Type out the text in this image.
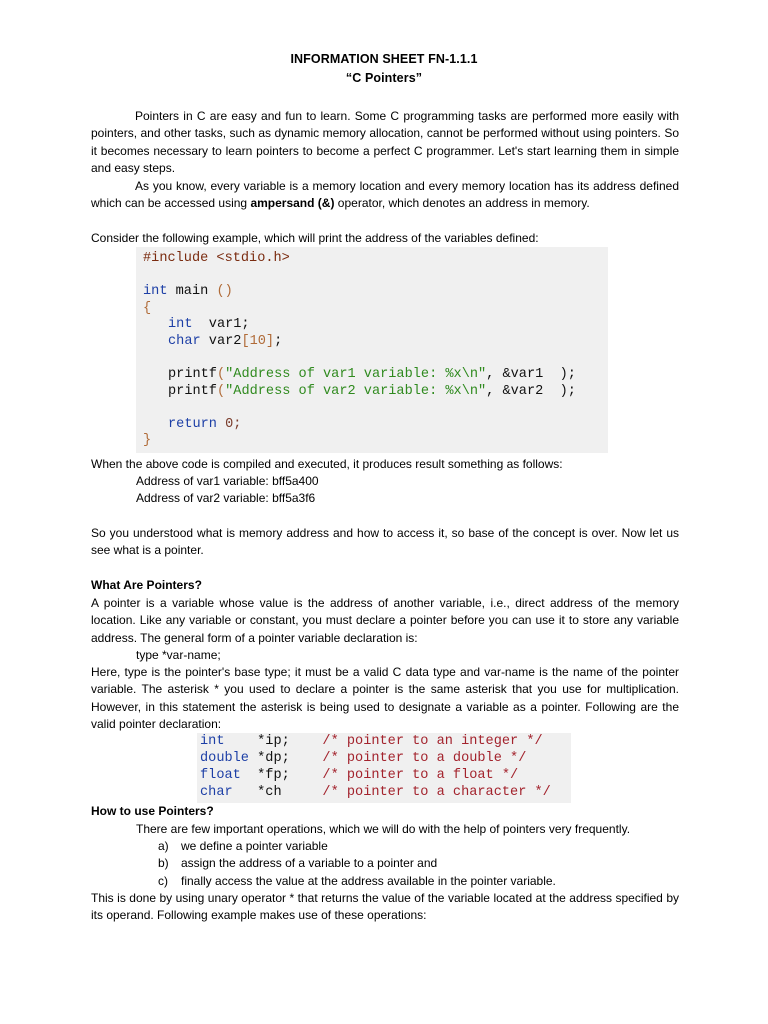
INFORMATION SHEET FN-1.1.1
“C Pointers”

Pointers in C are easy and fun to learn. Some C programming tasks are performed more easily with pointers, and other tasks, such as dynamic memory allocation, cannot be performed without using pointers. So it becomes necessary to learn pointers to become a perfect C programmer. Let's start learning them in simple and easy steps.

As you know, every variable is a memory location and every memory location has its address defined which can be accessed using ampersand (&) operator, which denotes an address in memory.

Consider the following example, which will print the address of the variables defined:
#include <stdio.h>
int main ()
{
int  var1;
char var2[10];
printf("Address of var1 variable: %x\n", &var1  );
printf("Address of var2 variable: %x\n", &var2  );
return 0;
}
When the above code is compiled and executed, it produces result something as follows:
Address of var1 variable: bff5a400
Address of var2 variable: bff5a3f6

So you understood what is memory address and how to access it, so base of the concept is over. Now let us see what is a pointer.

What Are Pointers?

A pointer is a variable whose value is the address of another variable, i.e., direct address of the memory location. Like any variable or constant, you must declare a pointer before you can use it to store any variable address. The general form of a pointer variable declaration is:

type *var-name;

Here, type is the pointer's base type; it must be a valid C data type and var-name is the name of the pointer variable. The asterisk * you used to declare a pointer is the same asterisk that you use for multiplication. However, in this statement the asterisk is being used to designate a variable as a pointer. Following are the valid pointer declaration:

int *ip; /* pointer to an integer */
double *dp; /* pointer to a double */
float *fp; /* pointer to a float */
char *ch	/* pointer to a character */
How to use Pointers?
There are few important operations, which we will do with the help of pointers very frequently.
a) we define a pointer variable
b) assign the address of a variable to a pointer and
c) finally access the value at the address available in the pointer variable.

This is done by using unary operator * that returns the value of the variable located at the address specified by its operand. Following example makes use of these operations:
